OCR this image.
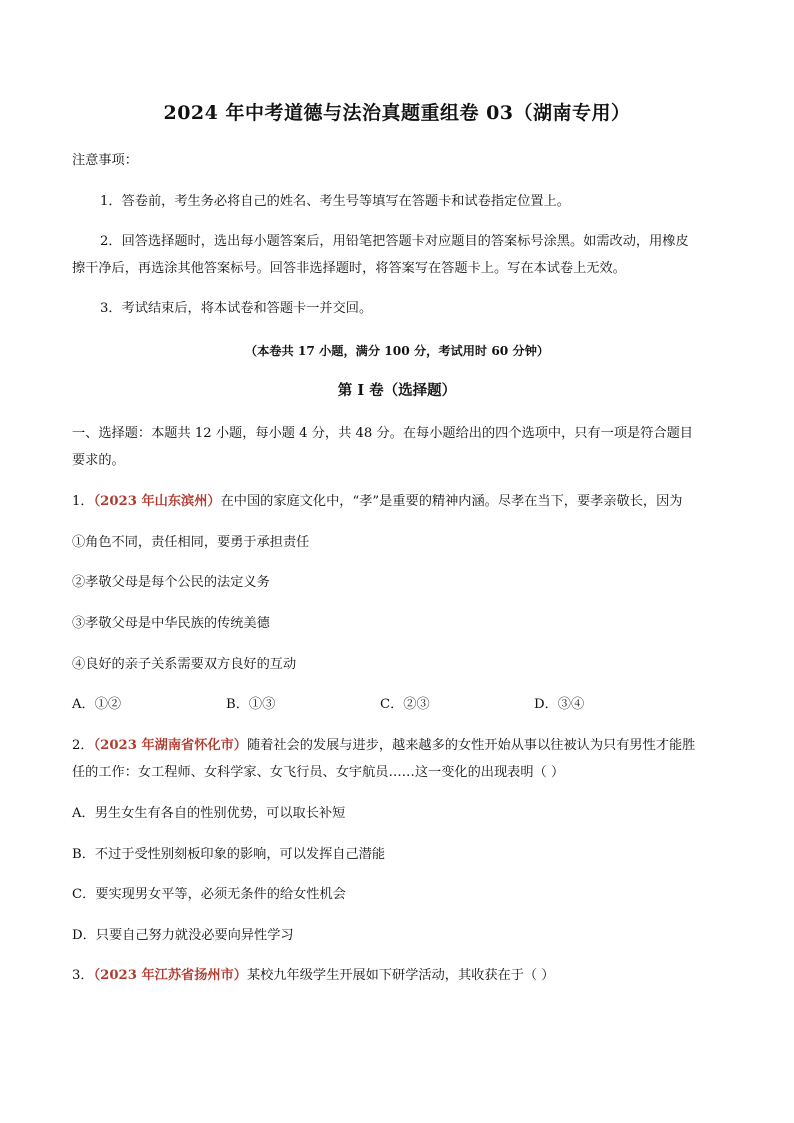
2024 年中考道德与法治真题重组卷 03（湖南专用）
注意事项：
1．答卷前，考生务必将自己的姓名、考生号等填写在答题卡和试卷指定位置上。
2．回答选择题时，选出每小题答案后，用铅笔把答题卡对应题目的答案标号涂黑。如需改动，用橡皮
擦干净后，再选涂其他答案标号。回答非选择题时，将答案写在答题卡上。写在本试卷上无效。
3．考试结束后，将本试卷和答题卡一并交回。
（本卷共 17 小题，满分 100 分，考试用时 60 分钟）
第 I 卷（选择题）
一、选择题：本题共 12 小题，每小题 4 分，共 48 分。在每小题给出的四个选项中，只有一项是符合题目
要求的。
1．（2023 年山东滨州）在中国的家庭文化中，“孝”是重要的精神内涵。尽孝在当下，要孝亲敬长，因为
①角色不同，责任相同，要勇于承担责任
②孝敬父母是每个公民的法定义务
③孝敬父母是中华民族的传统美德
④良好的亲子关系需要双方良好的互动
A．①②	B．①③	C．②③	D．③④
2．（2023 年湖南省怀化市）随着社会的发展与进步，越来越多的女性开始从事以往被认为只有男性才能胜
任的工作：女工程师、女科学家、女飞行员、女宇航员……这一变化的出现表明（ ）
A．男生女生有各自的性别优势，可以取长补短
B．不过于受性别刻板印象的影响，可以发挥自己潜能
C．要实现男女平等，必须无条件的给女性机会
D．只要自己努力就没必要向异性学习
3．（2023 年江苏省扬州市）某校九年级学生开展如下研学活动，其收获在于（ ）
